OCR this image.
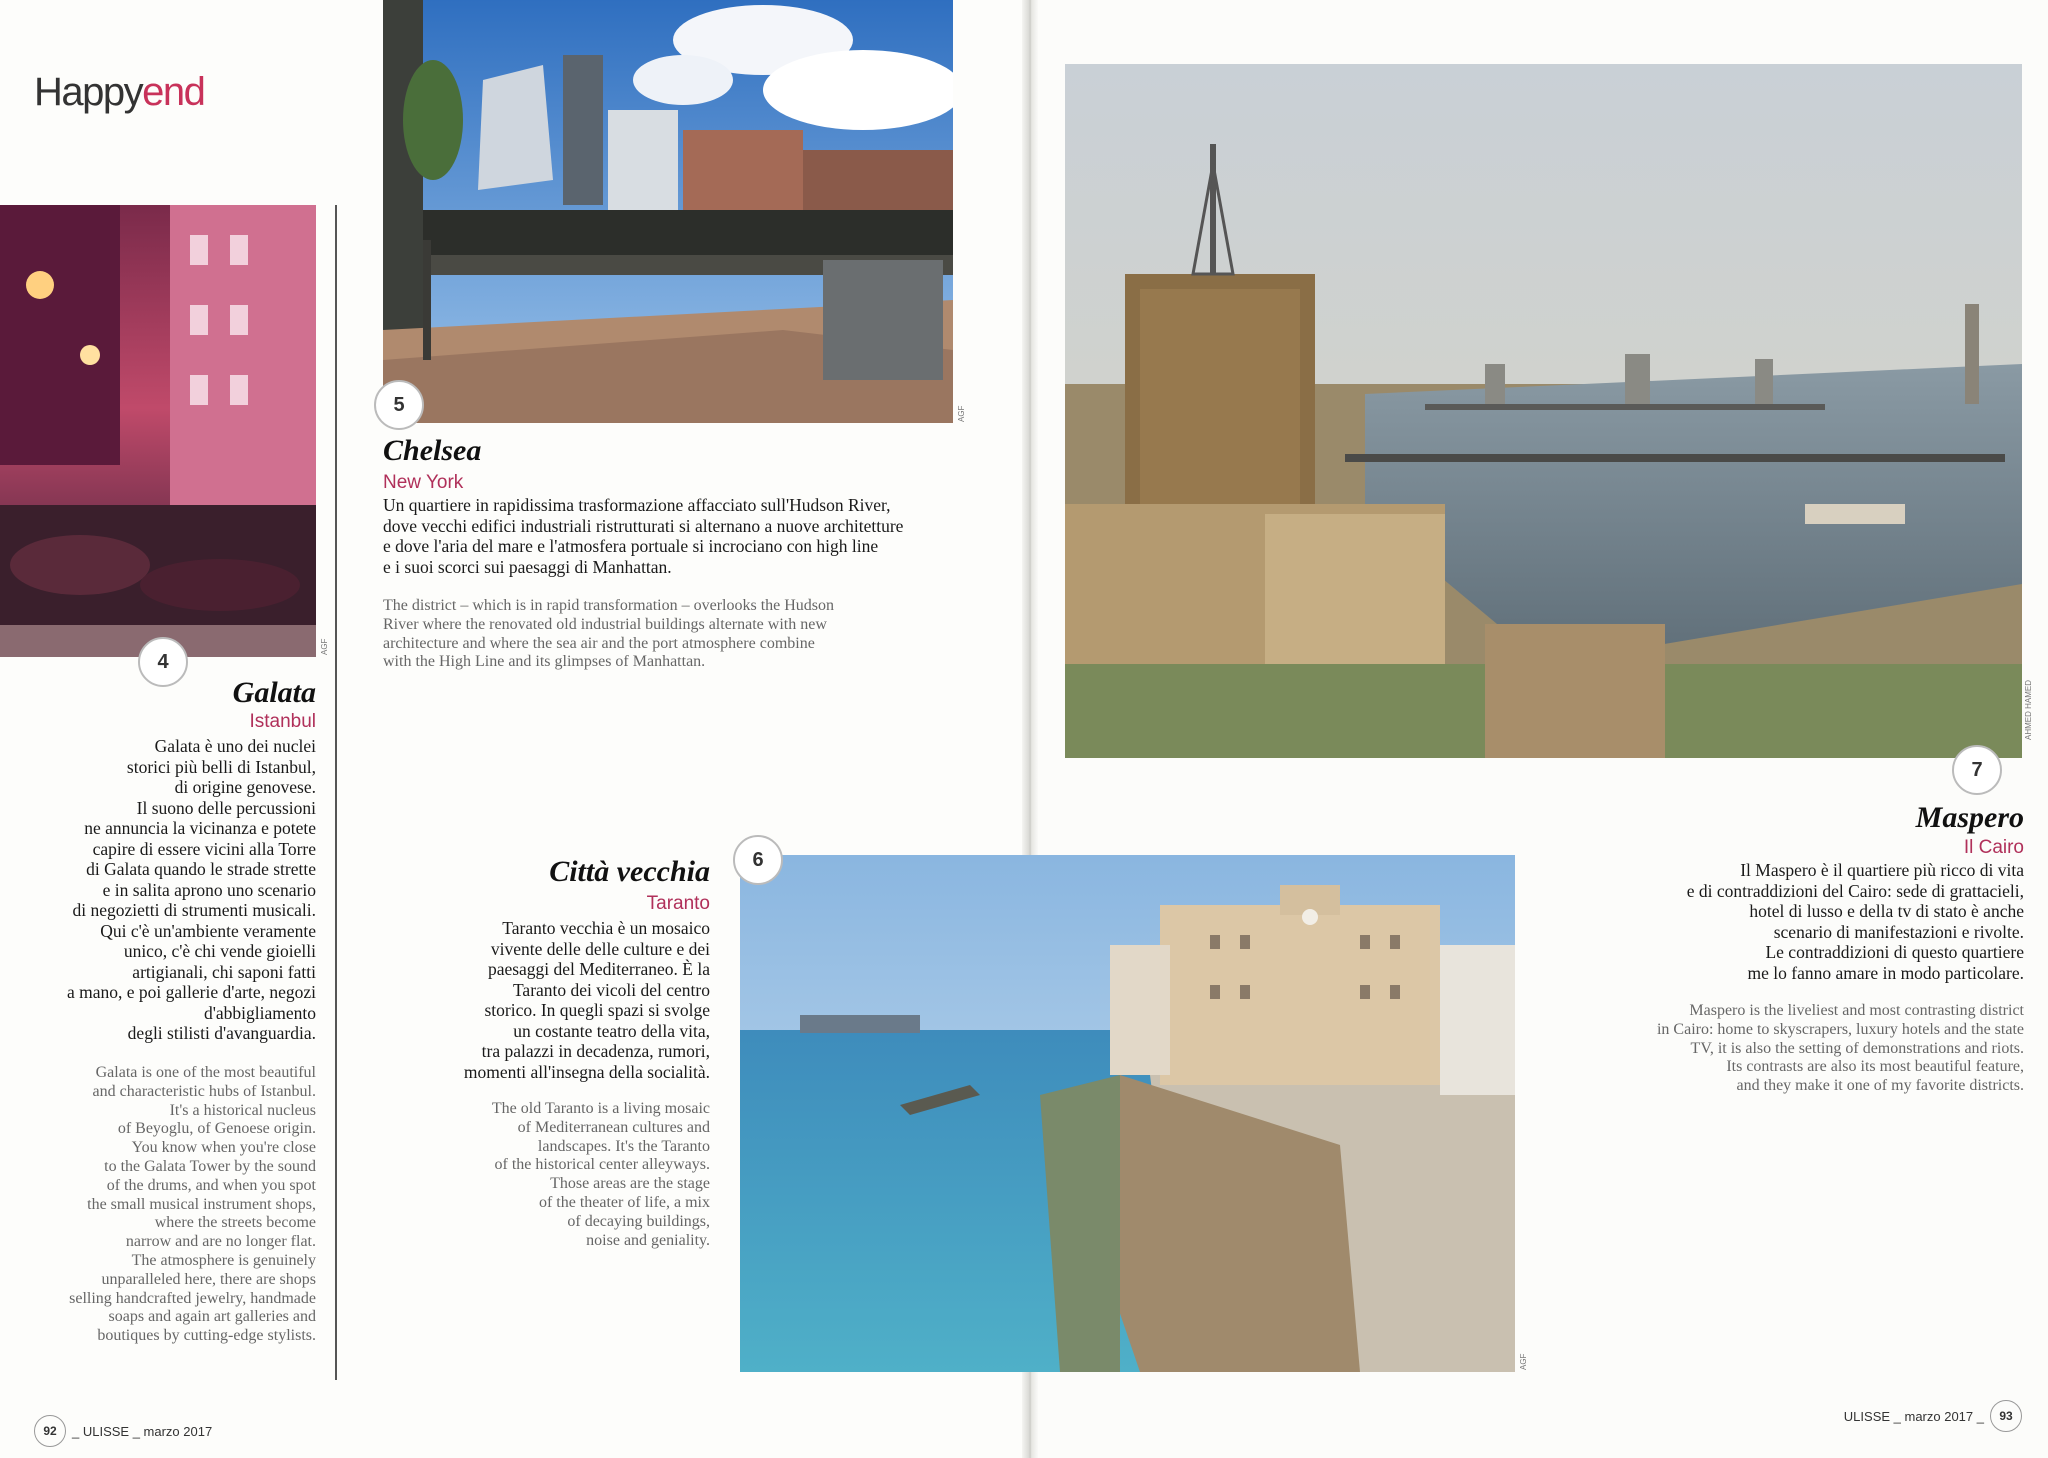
Happyend
AGF
AGF
AHMED HAMED
AGF
4
5
6
7
Galata
Istanbul
Galata è uno dei nuclei
storici più belli di Istanbul,
di origine genovese.
Il suono delle percussioni
ne annuncia la vicinanza e potete
capire di essere vicini alla Torre
di Galata quando le strade strette
e in salita aprono uno scenario
di negozietti di strumenti musicali.
Qui c'è un'ambiente veramente
unico, c'è chi vende gioielli
artigianali, chi saponi fatti
a mano, e poi gallerie d'arte, negozi
d'abbigliamento
degli stilisti d'avanguardia.
Galata is one of the most beautiful
and characteristic hubs of Istanbul.
It's a historical nucleus
of Beyoglu, of Genoese origin.
You know when you're close
to the Galata Tower by the sound
of the drums, and when you spot
the small musical instrument shops,
where the streets become
narrow and are no longer flat.
The atmosphere is genuinely
unparalleled here, there are shops
selling handcrafted jewelry, handmade
soaps and again art galleries and
boutiques by cutting-edge stylists.
Chelsea
New York
Un quartiere in rapidissima trasformazione affacciato sull'Hudson River,
dove vecchi edifici industriali ristrutturati si alternano a nuove architetture
e dove l'aria del mare e l'atmosfera portuale si incrociano con high line
e i suoi scorci sui paesaggi di Manhattan.
The district – which is in rapid transformation – overlooks the Hudson
River where the renovated old industrial buildings alternate with new
architecture and where the sea air and the port atmosphere combine
with the High Line and its glimpses of Manhattan.
Città vecchia
Taranto
Taranto vecchia è un mosaico
vivente delle delle culture e dei
paesaggi del Mediterraneo. È la
Taranto dei vicoli del centro
storico. In quegli spazi si svolge
un costante teatro della vita,
tra palazzi in decadenza, rumori,
momenti all'insegna della socialità.
The old Taranto is a living mosaic
of Mediterranean cultures and
landscapes. It's the Taranto
of the historical center alleyways.
Those areas are the stage
of the theater of life, a mix
of decaying buildings,
noise and geniality.
Maspero
Il Cairo
Il Maspero è il quartiere più ricco di vita
e di contraddizioni del Cairo: sede di grattacieli,
hotel di lusso e della tv di stato è anche
scenario di manifestazioni e rivolte.
Le contraddizioni di questo quartiere
me lo fanno amare in modo particolare.
Maspero is the liveliest and most contrasting district
in Cairo: home to skyscrapers, luxury hotels and the state
TV, it is also the setting of demonstrations and riots.
Its contrasts are also its most beautiful feature,
and they make it one of my favorite districts.
92	_ ULISSE _ marzo 2017
ULISSE _ marzo 2017 _	93
